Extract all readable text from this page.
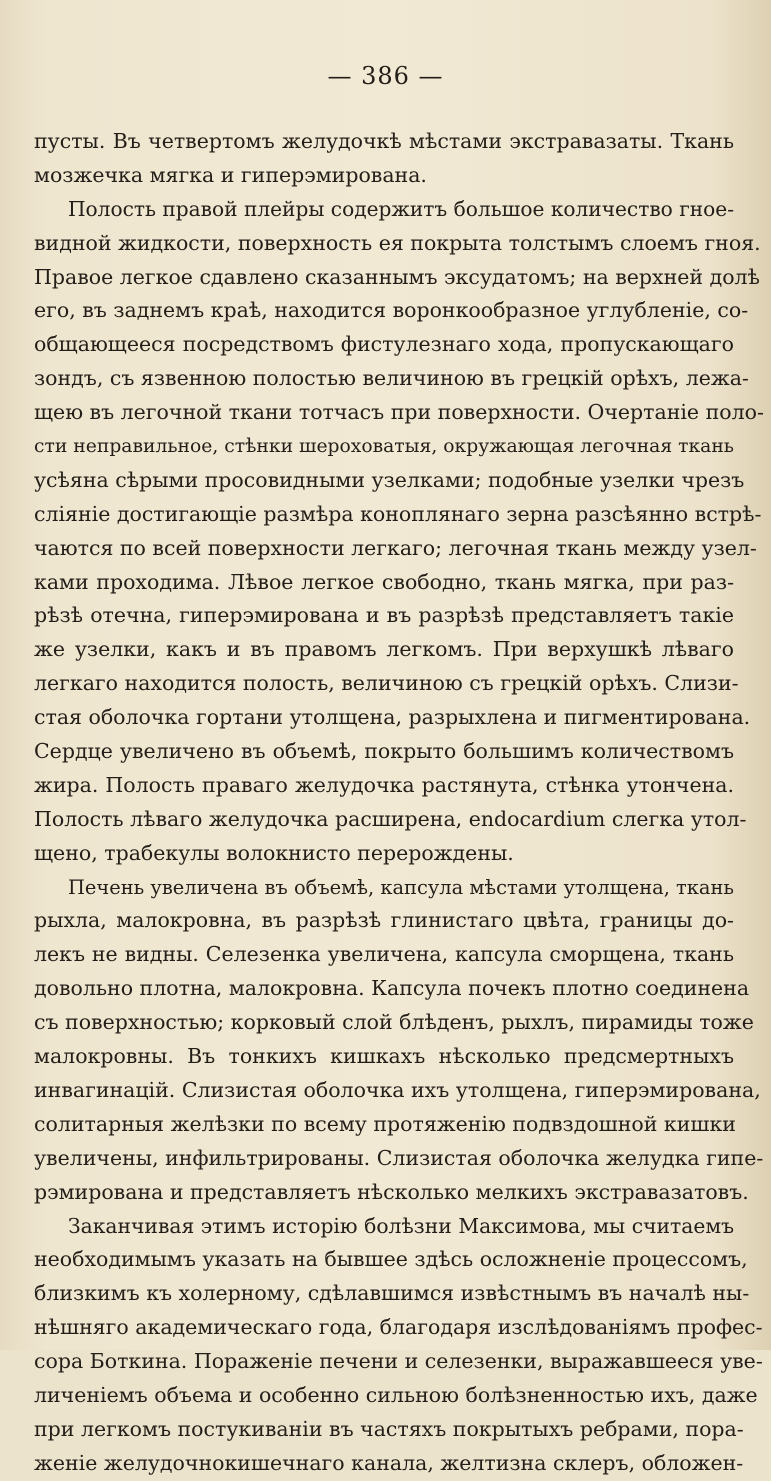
— 386 —
пусты. Въ четвертомъ желудочкѣ мѣстами экстравазаты. Ткань
мозжечка мягка и гиперэмирована.
Полость правой плейры содержитъ большое количество гное-
видной жидкости, поверхность ея покрыта толстымъ слоемъ гноя.
Правое легкое сдавлено сказаннымъ эксудатомъ; на верхней долѣ
его, въ заднемъ краѣ, находится воронкообразное углубленіе, со-
общающееся посредствомъ фистулезнаго хода, пропускающаго
зондъ, съ язвенною полостью величиною въ грецкій орѣхъ, лежа-
щею въ легочной ткани тотчасъ при поверхности. Очертаніе поло-
сти неправильное, стѣнки шероховатыя, окружающая легочная ткань
усѣяна сѣрыми просовидными узелками; подобные узелки чрезъ
сліяніе достигающіе размѣра коноплянаго зерна разсѣянно встрѣ-
чаются по всей поверхности легкаго; легочная ткань между узел-
ками проходима. Лѣвое легкое свободно, ткань мягка, при раз-
рѣзѣ отечна, гиперэмирована и въ разрѣзѣ представляетъ такіе
же узелки, какъ и въ правомъ легкомъ. При верхушкѣ лѣваго
легкаго находится полость, величиною съ грецкій орѣхъ. Слизи-
стая оболочка гортани утолщена, разрыхлена и пигментирована.
Сердце увеличено въ объемѣ, покрыто большимъ количествомъ
жира. Полость праваго желудочка растянута, стѣнка утончена.
Полость лѣваго желудочка расширена, endocardium слегка утол-
щено, трабекулы волокнисто перерождены.
Печень увеличена въ объемѣ, капсула мѣстами утолщена, ткань
рыхла, малокровна, въ разрѣзѣ глинистаго цвѣта, границы до-
лекъ не видны. Селезенка увеличена, капсула сморщена, ткань
довольно плотна, малокровна. Капсула почекъ плотно соединена
съ поверхностью; корковый слой блѣденъ, рыхлъ, пирамиды тоже
малокровны. Въ тонкихъ кишкахъ нѣсколько предсмертныхъ
инвагинацій. Слизистая оболочка ихъ утолщена, гиперэмирована,
солитарныя желѣзки по всему протяженію подвздошной кишки
увеличены, инфильтрированы. Слизистая оболочка желудка гипе-
рэмирована и представляетъ нѣсколько мелкихъ экстравазатовъ.
Заканчивая этимъ исторію болѣзни Максимова, мы считаемъ
необходимымъ указать на бывшее здѣсь осложненіе процессомъ,
близкимъ къ холерному, сдѣлавшимся извѣстнымъ въ началѣ ны-
нѣшняго академическаго года, благодаря изслѣдованіямъ профес-
сора Боткина. Пораженіе печени и селезенки, выражавшееся уве-
личеніемъ объема и особенно сильною болѣзненностью ихъ, даже
при легкомъ постукиваніи въ частяхъ покрытыхъ ребрами, пора-
женіе желудочнокишечнаго канала, желтизна склеръ, обложен-
